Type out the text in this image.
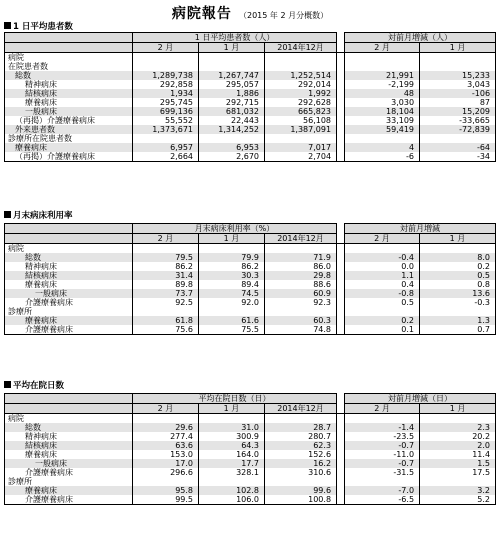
病院報告 （2015 年 2 月分概数）
1 日平均患者数
	1 日平均患者数（人）				対前月増減（人）	
	2 月	1 月	2014年12月		2 月	1 月
病院						
在院患者数						
総数	1,289,738	1,267,747	1,252,514		21,991	15,233
精神病床	292,858	295,057	292,014		-2,199	3,043
結核病床	1,934	1,886	1,992		48	-106
療養病床	295,745	292,715	292,628		3,030	87
一般病床	699,136	681,032	665,823		18,104	15,209
（再掲）介護療養病床	55,552	22,443	56,108		33,109	-33,665
外来患者数	1,373,671	1,314,252	1,387,091		59,419	-72,839
診療所在院患者数						
療養病床	6,957	6,953	7,017		4	-64
（再掲）介護療養病床	2,664	2,670	2,704		-6	-34
月末病床利用率
	月末病床利用率（%）				対前月増減	
	2 月	1 月	2014年12月		2 月	1 月
病院						
総数	79.5	79.9	71.9		-0.4	8.0
精神病床	86.2	86.2	86.0		0.0	0.2
結核病床	31.4	30.3	29.8		1.1	0.5
療養病床	89.8	89.4	88.6		0.4	0.8
一般病床	73.7	74.5	60.9		-0.8	13.6
介護療養病床	92.5	92.0	92.3		0.5	-0.3
診療所						
療養病床	61.8	61.6	60.3		0.2	1.3
介護療養病床	75.6	75.5	74.8		0.1	0.7
平均在院日数
	平均在院日数（日）				対前月増減（日）	
	2 月	1 月	2014年12月		2 月	1 月
病院						
総数	29.6	31.0	28.7		-1.4	2.3
精神病床	277.4	300.9	280.7		-23.5	20.2
結核病床	63.6	64.3	62.3		-0.7	2.0
療養病床	153.0	164.0	152.6		-11.0	11.4
一般病床	17.0	17.7	16.2		-0.7	1.5
介護療養病床	296.6	328.1	310.6		-31.5	17.5
診療所						
療養病床	95.8	102.8	99.6		-7.0	3.2
介護療養病床	99.5	106.0	100.8		-6.5	5.2
